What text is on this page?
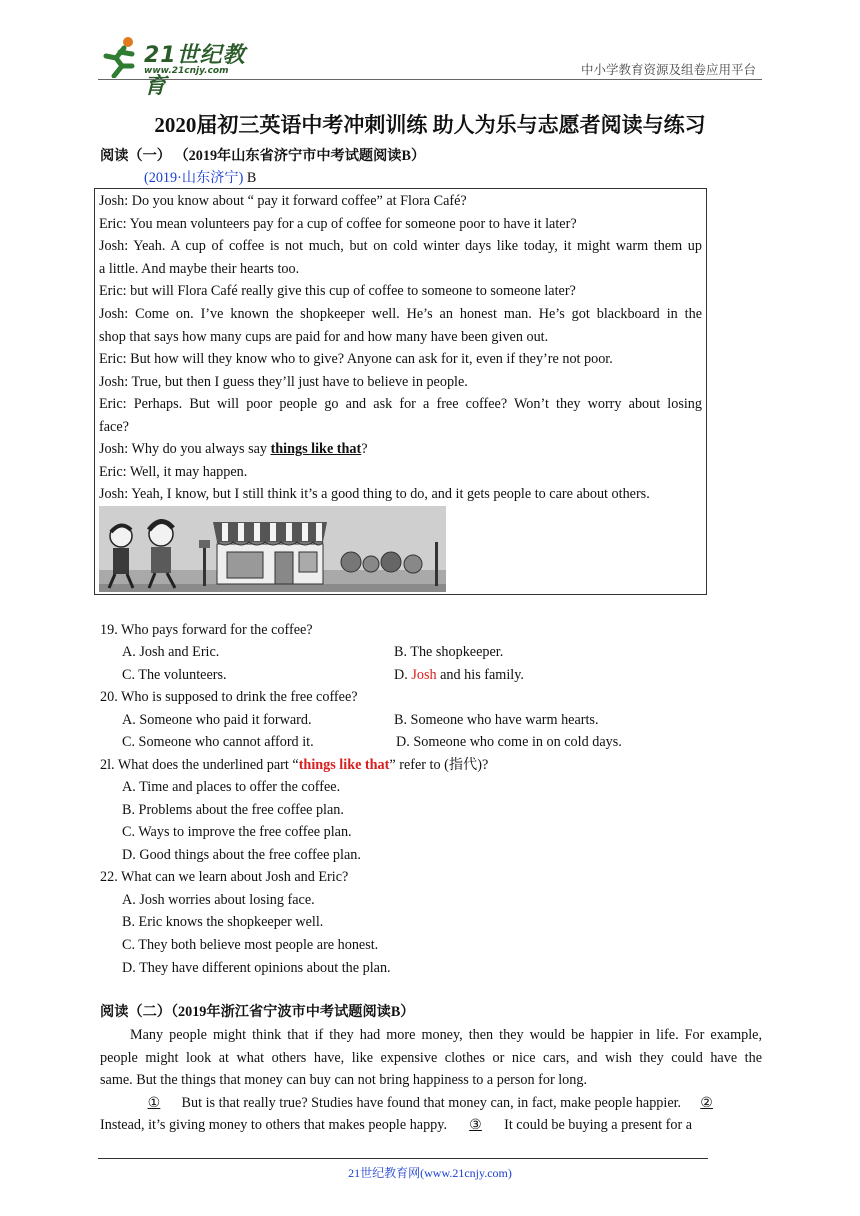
21世纪教育
www.21cnjy.com	中小学教育资源及组卷应用平台
2020届初三英语中考冲刺训练 助人为乐与志愿者阅读与练习
阅读（一） （2019年山东省济宁市中考试题阅读B）
(2019·山东济宁) B
Josh: Do you know about “ pay it forward coffee” at Flora Café?
Eric: You mean volunteers pay for a cup of coffee for someone poor to have it later?
Josh: Yeah. A cup of coffee is not much, but on cold winter days like today, it might warm them up
a little. And maybe their hearts too.
Eric: but will Flora Café really give this cup of coffee to someone to someone later?
Josh: Come on. I’ve known the shopkeeper well. He’s an honest man. He’s got blackboard in the
shop that says how many cups are paid for and how many have been given out.
Eric: But how will they know who to give? Anyone can ask for it, even if they’re not poor.
Josh: True, but then I guess they’ll just have to believe in people.
Eric: Perhaps. But will poor people go and ask for a free coffee? Won’t they worry about losing
face?
Josh: Why do you always say things like that?
Eric: Well, it may happen.
Josh: Yeah, I know, but I still think it’s a good thing to do, and it gets people to care about others.
19. Who pays forward for the coffee?
A. Josh and Eric.	B. The shopkeeper.
C. The volunteers.	D. Josh and his family.
20. Who is supposed to drink the free coffee?
A. Someone who paid it forward.	B. Someone who have warm hearts.
C. Someone who cannot afford it.	D. Someone who come in on cold days.
2l. What does the underlined part “things like that” refer to (指代)?
A. Time and places to offer the coffee.
B. Problems about the free coffee plan.
C. Ways to improve the free coffee plan.
D. Good things about the free coffee plan.
22. What can we learn about Josh and Eric?
A. Josh worries about losing face.
B. Eric knows the shopkeeper well.
C. They both believe most people are honest.
D. They have different opinions about the plan.
阅读（二）（2019年浙江省宁波市中考试题阅读B）
Many people might think that if they had more money, then they would be happier in life. For example,
people might look at what others have, like expensive clothes or nice cars, and wish they could have the
same. But the things that money can buy can not bring happiness to a person for long.
① But is that really true? Studies have found that money can, in fact, make people happier. ②
Instead, it’s giving money to others that makes people happy. ③ It could be buying a present for a
21世纪教育网(www.21cnjy.com)
